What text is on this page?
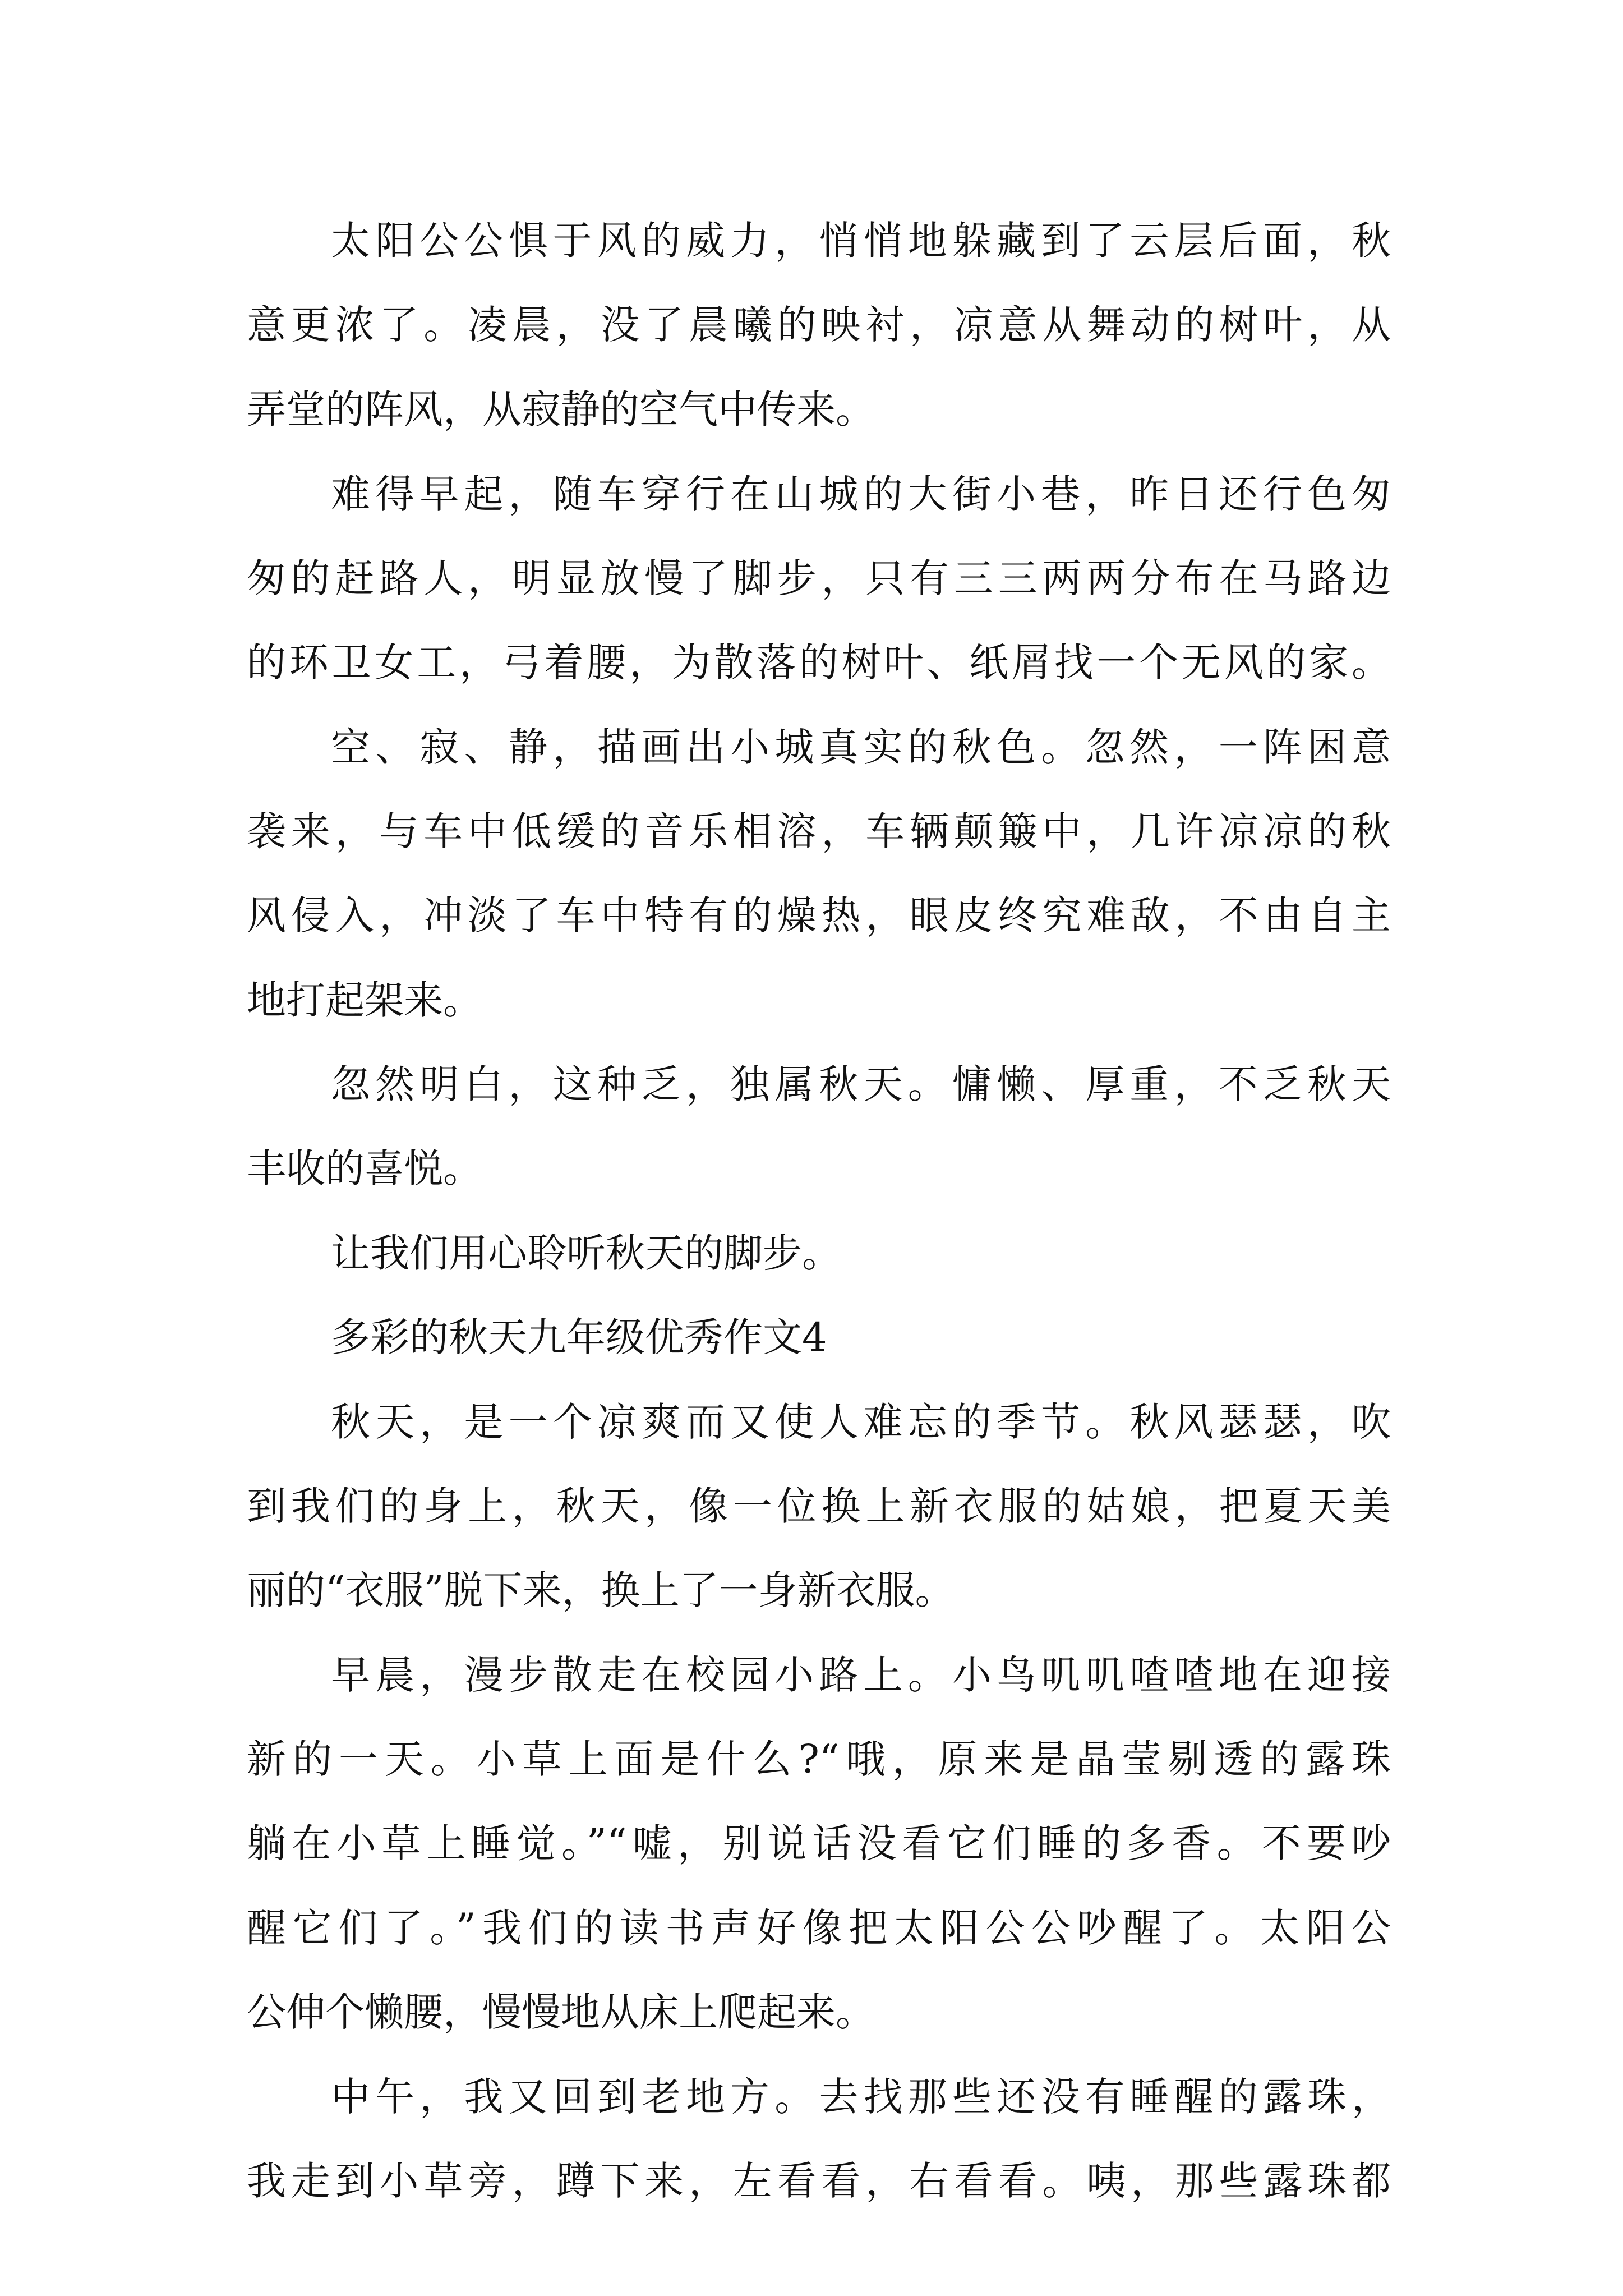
太阳公公惧于风的威力，悄悄地躲藏到了云层后面，秋
意更浓了。凌晨，没了晨曦的映衬，凉意从舞动的树叶，从
弄堂的阵风，从寂静的空气中传来。
难得早起，随车穿行在山城的大街小巷，昨日还行色匆
匆的赶路人，明显放慢了脚步，只有三三两两分布在马路边
的环卫女工，弓着腰，为散落的树叶、纸屑找一个无风的家。
空、寂、静，描画出小城真实的秋色。忽然，一阵困意
袭来，与车中低缓的音乐相溶，车辆颠簸中，几许凉凉的秋
风侵入，冲淡了车中特有的燥热，眼皮终究难敌，不由自主
地打起架来。
忽然明白，这种乏，独属秋天。慵懒、厚重，不乏秋天
丰收的喜悦。
让我们用心聆听秋天的脚步。
多彩的秋天九年级优秀作文4
秋天，是一个凉爽而又使人难忘的季节。秋风瑟瑟，吹
到我们的身上，秋天，像一位换上新衣服的姑娘，把夏天美
丽的“衣服”脱下来，换上了一身新衣服。
早晨，漫步散走在校园小路上。小鸟叽叽喳喳地在迎接
新的一天。小草上面是什么?“哦，原来是晶莹剔透的露珠
躺在小草上睡觉。”“嘘，别说话没看它们睡的多香。不要吵
醒它们了。”我们的读书声好像把太阳公公吵醒了。太阳公
公伸个懒腰，慢慢地从床上爬起来。
中午，我又回到老地方。去找那些还没有睡醒的露珠，
我走到小草旁，蹲下来，左看看，右看看。咦，那些露珠都
